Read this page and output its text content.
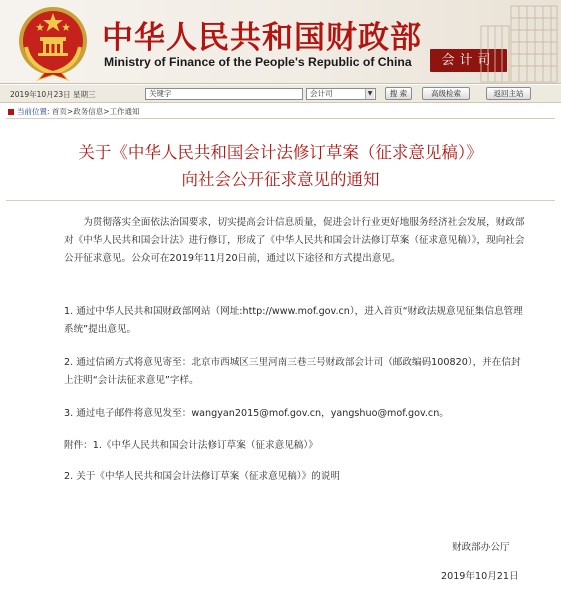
中华人民共和国财政部
Ministry of Finance of the People's Republic of China	会计司
2019年10月23日 星期三	关键字	会计司	▼	搜 索	高级检索	返回主站
当前位置: 首页>政务信息>工作通知
关于《中华人民共和国会计法修订草案（征求意见稿）》
向社会公开征求意见的通知
为贯彻落实全面依法治国要求，切实提高会计信息质量，促进会计行业更好地服务经济社会发展，财政部对《中华人民共和国会计法》进行修订，形成了《中华人民共和国会计法修订草案（征求意见稿）》，现向社会公开征求意见。公众可在2019年11月20日前，通过以下途径和方式提出意见。
1. 通过中华人民共和国财政部网站（网址:http://www.mof.gov.cn），进入首页“财政法规意见征集信息管理系统”提出意见。
2. 通过信函方式将意见寄至：北京市西城区三里河南三巷三号财政部会计司（邮政编码100820），并在信封上注明“会计法征求意见”字样。
3. 通过电子邮件将意见发至：wangyan2015@mof.gov.cn，yangshuo@mof.gov.cn。
附件：1.《中华人民共和国会计法修订草案（征求意见稿）》
2. 关于《中华人民共和国会计法修订草案（征求意见稿）》的说明
财政部办公厅
2019年10月21日
